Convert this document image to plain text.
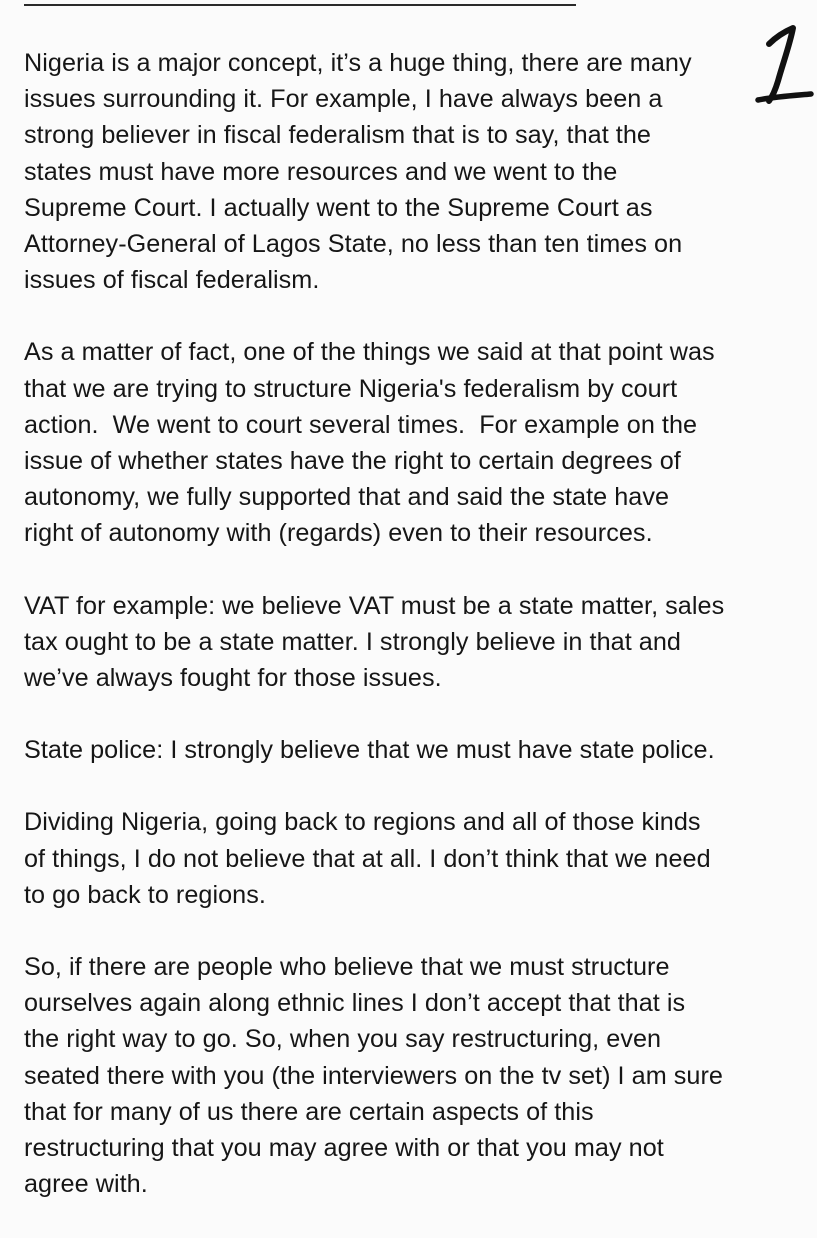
Nigeria is a major concept, it’s a huge thing, there are many
issues surrounding it. For example, I have always been a
strong believer in fiscal federalism that is to say, that the
states must have more resources and we went to the
Supreme Court. I actually went to the Supreme Court as
Attorney-General of Lagos State, no less than ten times on
issues of fiscal federalism.

As a matter of fact, one of the things we said at that point was
that we are trying to structure Nigeria's federalism by court
action.  We went to court several times.  For example on the
issue of whether states have the right to certain degrees of
autonomy, we fully supported that and said the state have
right of autonomy with (regards) even to their resources.

VAT for example: we believe VAT must be a state matter, sales
tax ought to be a state matter. I strongly believe in that and
we’ve always fought for those issues.

State police: I strongly believe that we must have state police.

Dividing Nigeria, going back to regions and all of those kinds
of things, I do not believe that at all. I don’t think that we need
to go back to regions.

So, if there are people who believe that we must structure
ourselves again along ethnic lines I don’t accept that that is
the right way to go. So, when you say restructuring, even
seated there with you (the interviewers on the tv set) I am sure
that for many of us there are certain aspects of this
restructuring that you may agree with or that you may not
agree with.
